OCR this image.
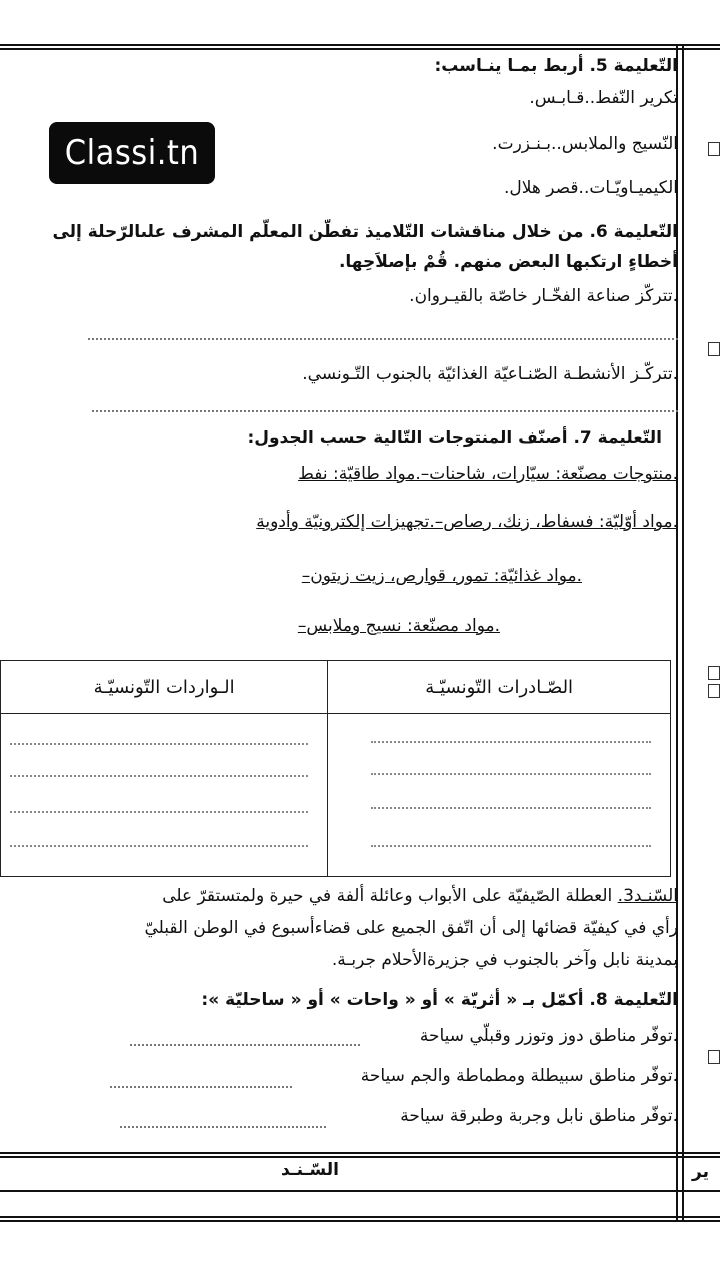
Classi.tn
التّعليمة 5. أربط بمـا ينـاسب:
تكرير النّفط..قـابـس.
النّسيج والملابس..بـنـزرت.
الكيميـاويّـات..قصر هلال.
التّعليمة 6. من خلال مناقشات التّلاميذ تفطّن المعلّم المشرف علىالرّحلة إلى
أخطاءٍ ارتكبها البعض منهم. قُمْ بإصلاَحِها.
.تتركّز صناعة الفخّـار خاصّة بالقيـروان.
.تتركّـز الأنشطـة الصّنـاعيّة الغذائيّة بالجنوب التّـونسي.
التّعليمة 7. أصنّف المنتوجات التّالية حسب الجدول:
.منتوجات مصنّعة: سيّارات، شاحنات–.مواد طاقيّة: نفط
.مواد أوّليّة: فسفاط، زنك، رصاص–.تجهيزات إلكترونيّة وأدوية
.مواد غذائيّة: تمور، قوارص، زيت زيتون–
.مواد مصنّعة: نسيج وملابس–
الـواردات التّونسيّـة	الصّـادرات التّونسيّـة

السّنـد3. العطلة الصّيفيّة على الأبواب وعائلة ألفة في حيرة ولمتستقرّ على
رأي في كيفيّة قضائها إلى أن اتّفق الجميع على قضاءأسبوع في الوطن القبليّ
بمدينة نابل وآخر بالجنوب في جزيرةالأحلام جربـة.
التّعليمة 8. أكمّل بـ « أثريّة » أو « واحات » أو « ساحليّة »:
.توفّر مناطق دوز وتوزر وقبلّي سياحة
.توفّر مناطق سبيطلة ومطماطة والجم سياحة
.توفّر مناطق نابل وجربة وطبرقة سياحة
السّـنـد	ير
